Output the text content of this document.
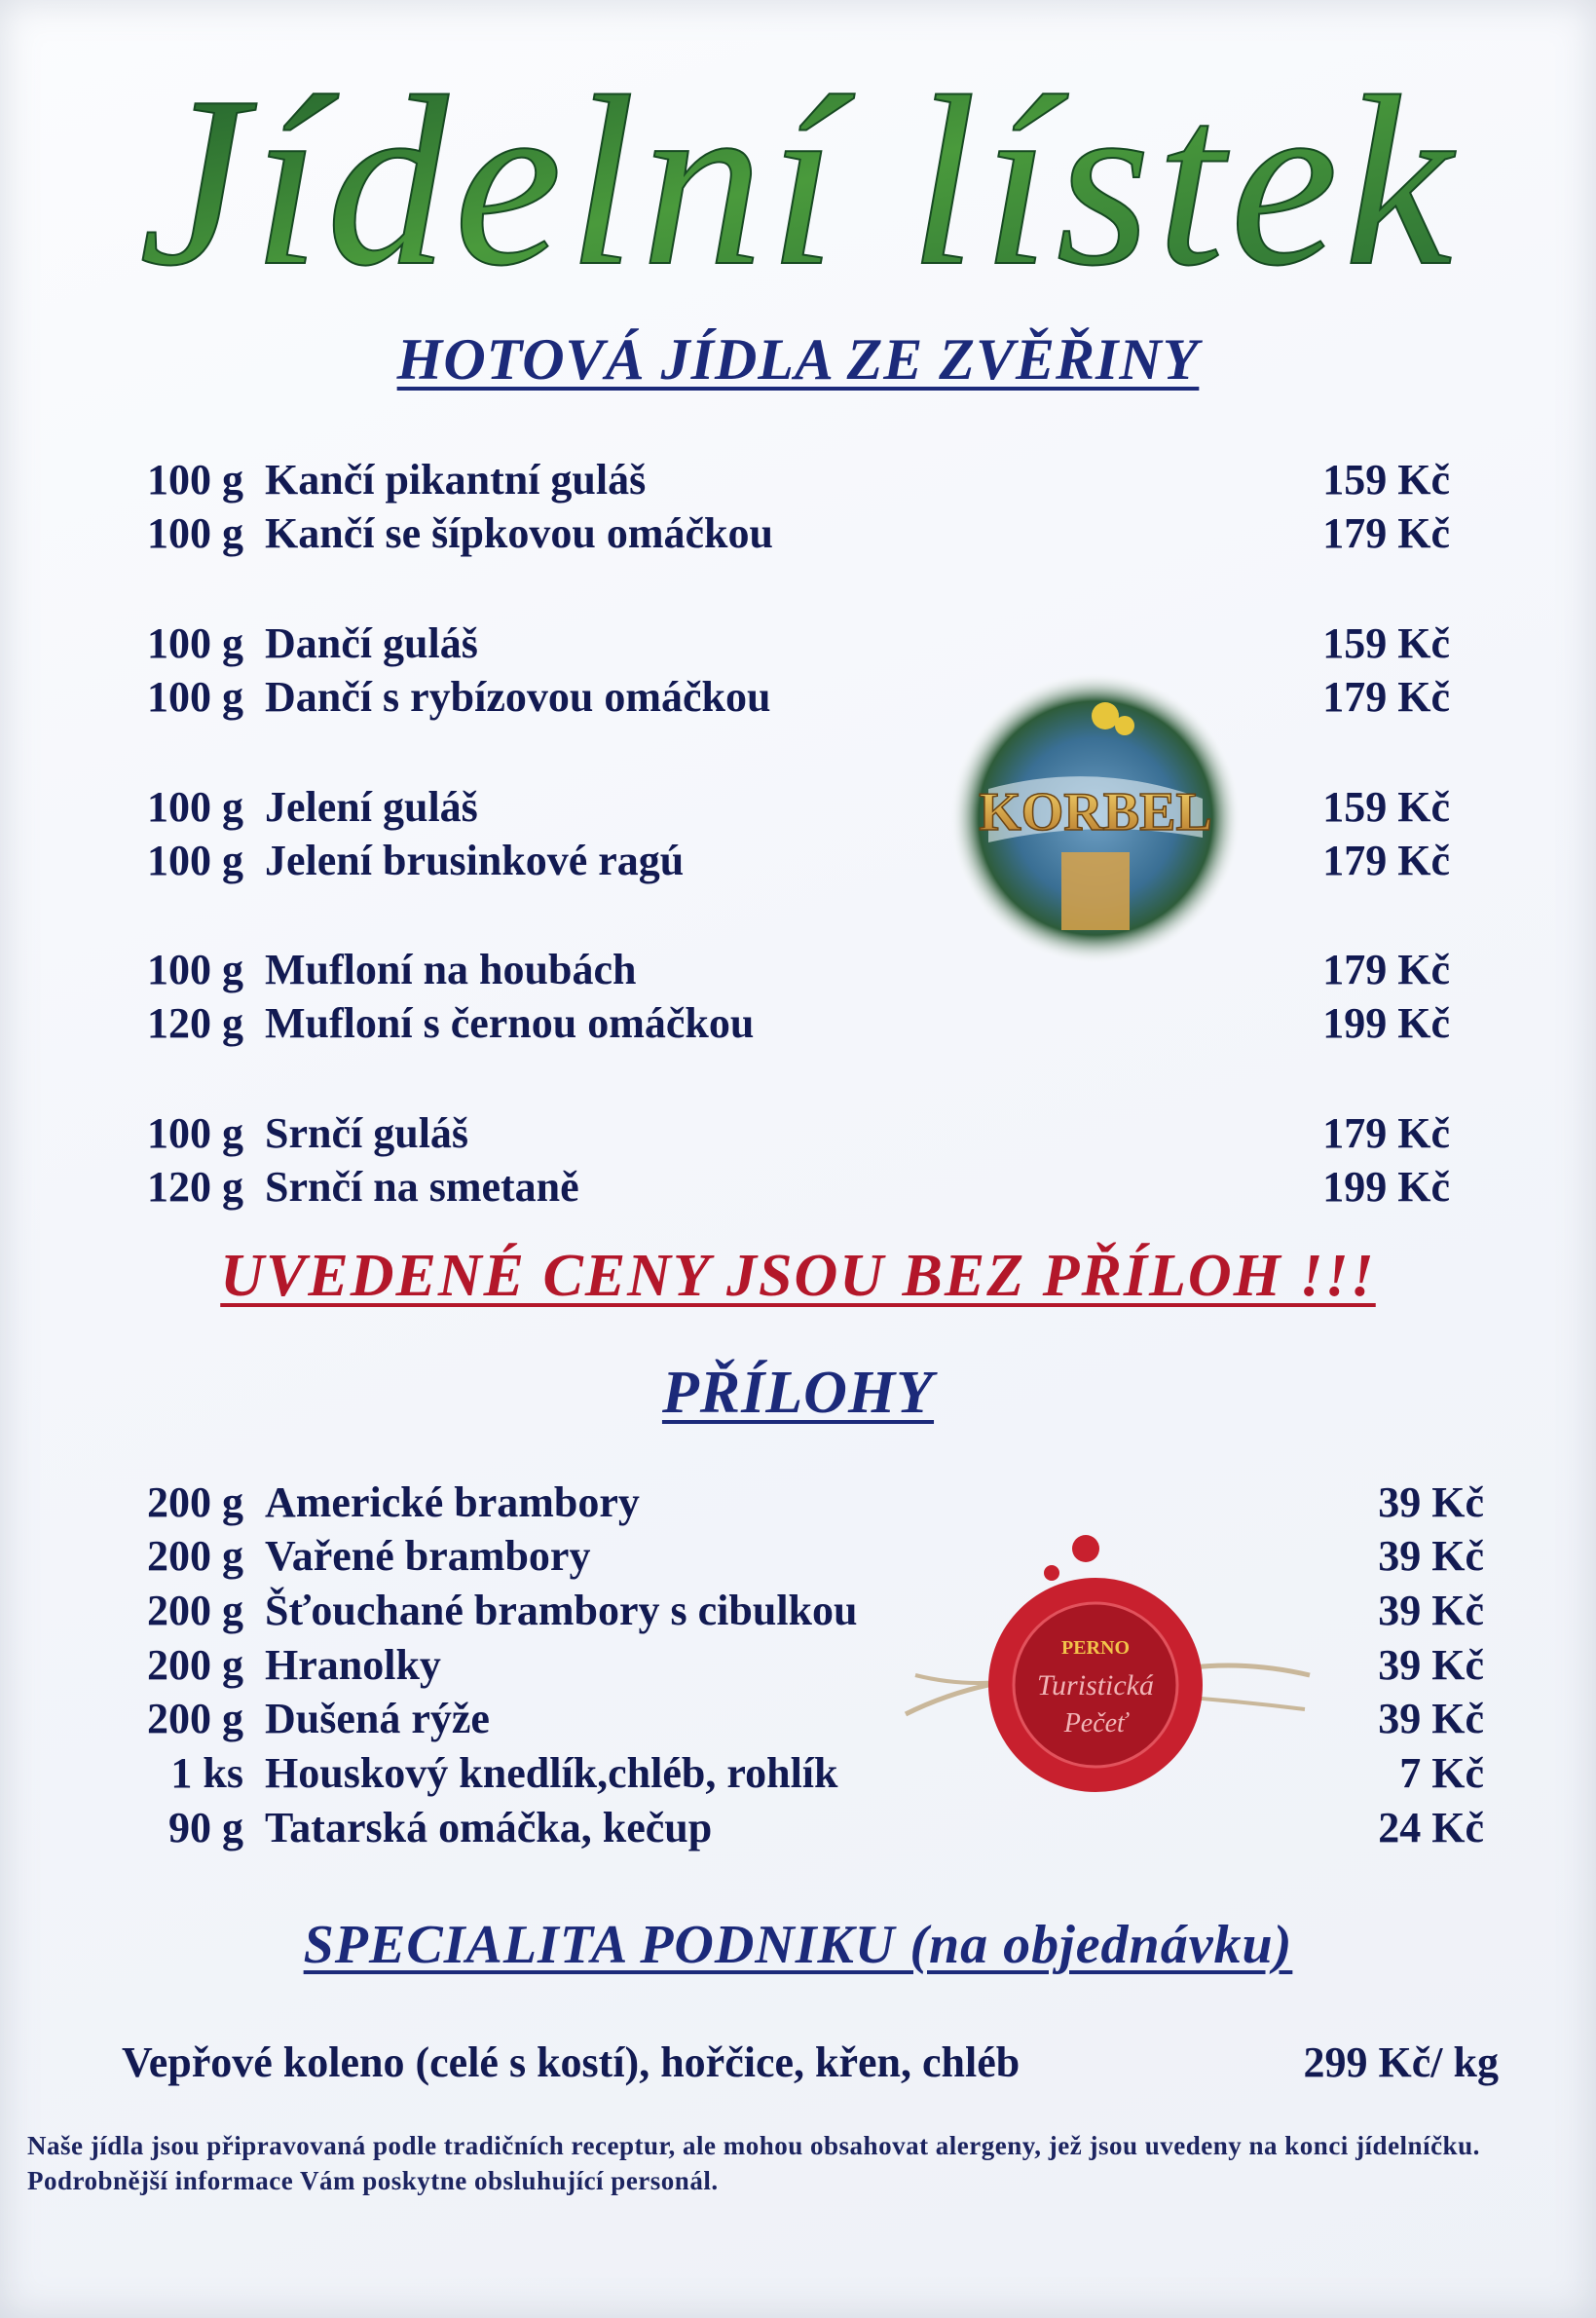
Jídelní lístek
HOTOVÁ JÍDLA ZE ZVĚŘINY
100 g Kančí pikantní guláš	159 Kč
100 g Kančí se šípkovou omáčkou	179 Kč
100 g Dančí guláš	159 Kč
100 g Dančí s rybízovou omáčkou	179 Kč
100 g Jelení guláš	159 Kč
100 g Jelení brusinkové ragú	179 Kč
100 g Mufloní na houbách	179 Kč
120 g Mufloní s černou omáčkou	199 Kč
100 g Srnčí guláš	179 Kč
120 g Srnčí na smetaně	199 Kč
KORBEL
UVEDENÉ CENY JSOU BEZ PŘÍLOH !!!
PŘÍLOHY
200 g Americké brambory	39 Kč
200 g Vařené brambory	39 Kč
200 g Šťouchané brambory s cibulkou	39 Kč
200 g Hranolky	39 Kč
200 g Dušená rýže	39 Kč
1 ks Houskový knedlík,chléb, rohlík	7 Kč
90 g Tatarská omáčka, kečup	24 Kč
PERNO
Turistická
Pečeť
SPECIALITA PODNIKU (na objednávku)
Vepřové koleno (celé s kostí), hořčice, křen, chléb	299 Kč/ kg
Naše jídla jsou připravovaná podle tradičních receptur, ale mohou obsahovat alergeny, jež jsou uvedeny na konci jídelníčku. Podrobnější informace Vám poskytne obsluhující personál.
